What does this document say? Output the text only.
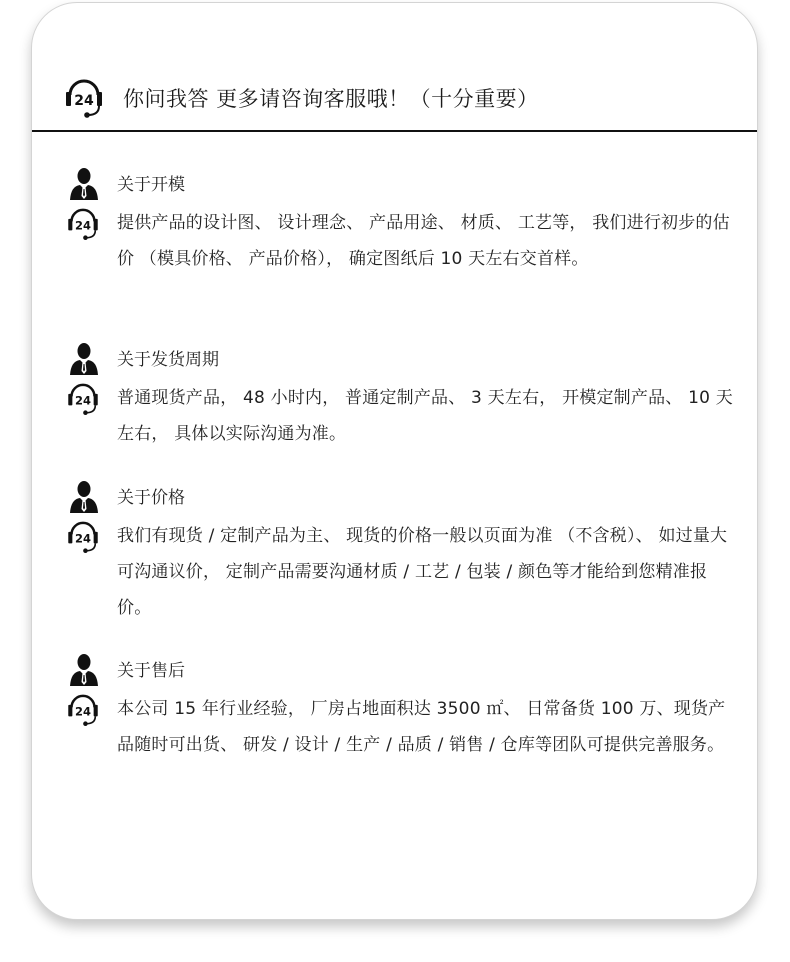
24 你问我答 更多请咨询客服哦！（十分重要）
关于开模
24 提供产品的设计图、 设计理念、 产品用途、 材质、 工艺等， 我们进行初步的估价 （模具价格、 产品价格）， 确定图纸后 10 天左右交首样。
关于发货周期
24 普通现货产品， 48 小时内， 普通定制产品、 3 天左右， 开模定制产品、 10 天左右， 具体以实际沟通为准。
关于价格
24 我们有现货 / 定制产品为主、 现货的价格一般以页面为准 （不含税）、 如过量大可沟通议价， 定制产品需要沟通材质 / 工艺 / 包装 / 颜色等才能给到您精准报价。
关于售后
24 本公司 15 年行业经验， 厂房占地面积达 3500 ㎡、 日常备货 100 万、现货产品随时可出货、 研发 / 设计 / 生产 / 品质 / 销售 / 仓库等团队可提供完善服务。
